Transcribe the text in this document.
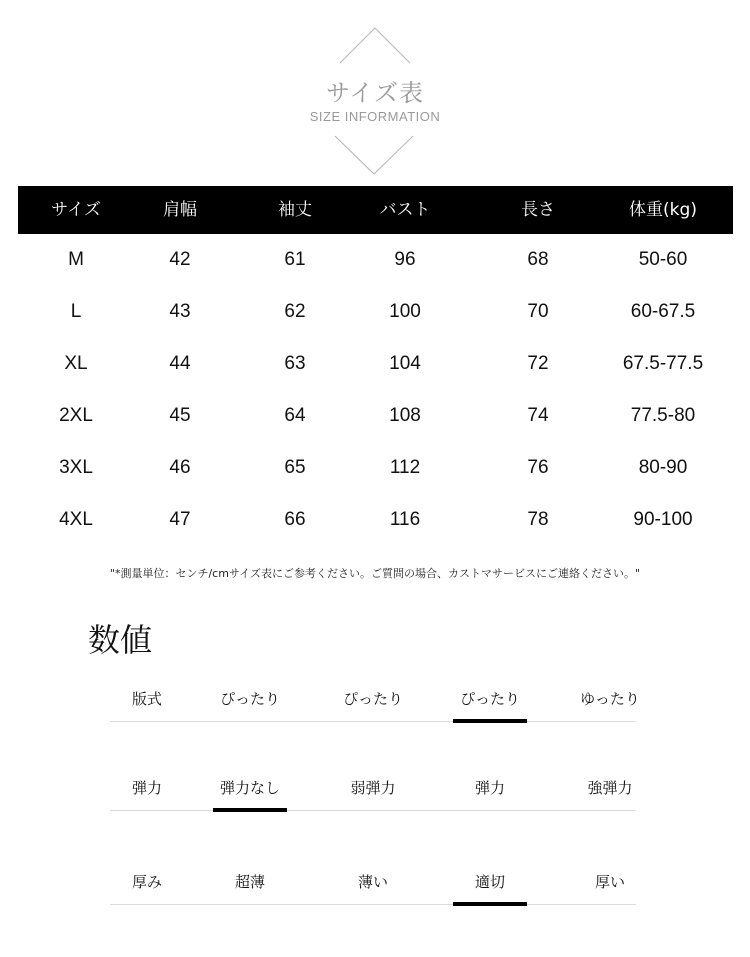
サイズ表
SIZE INFORMATION
サイズ	肩幅	袖丈	バスト	長さ	体重(kg)
M	42	61	96	68	50-60
L	43	62	100	70	60-67.5
XL	44	63	104	72	67.5-77.5
2XL	45	64	108	74	77.5-80
3XL	46	65	112	76	80-90
4XL	47	66	116	78	90-100
"*測量単位：センチ/cmサイズ表にご参考ください。ご質問の場合、カストマサービスにご連絡ください。"
数値
版式	ぴったり	ぴったり	ぴったり	ゆったり
弾力	弾力なし	弱弾力	弾力	強弾力
厚み	超薄	薄い	適切	厚い
